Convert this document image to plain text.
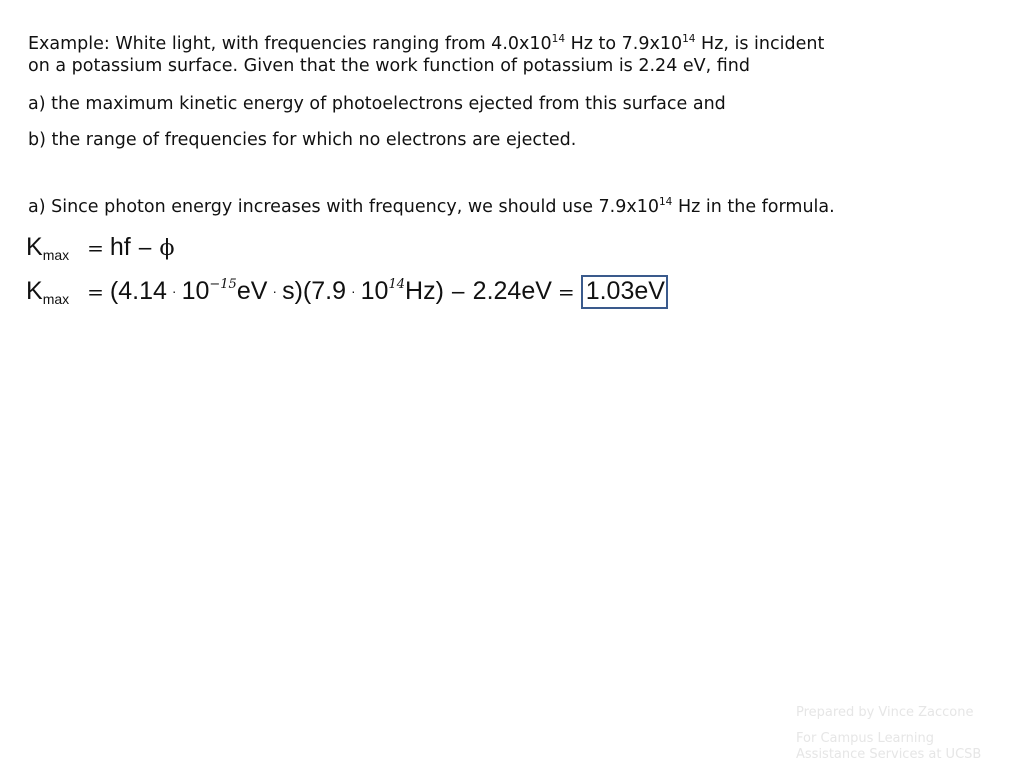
Example: White light, with frequencies ranging from $4.0x10^{14}$ Hz to $7.9x10^{14}$ Hz, is incident
on a potassium surface. Given that the work function of potassium is 2.24 eV, find

a) the maximum kinetic energy of photoelectrons ejected from this surface and

b) the range of frequencies for which no electrons are ejected.

a) Since photon energy increases with frequency, we should use $7.9x10^{14}$ Hz in the formula.

$K_{max}$ = hf − ϕ
$K_{max} = (4.14 \cdot 10^{-15}eV \cdot s)(7.9 \cdot 10^{14}Hz) - 2.24eV = 1.03eV$
Prepared by Vince Zaccone
For Campus Learning
Assistance Services at UCSB
